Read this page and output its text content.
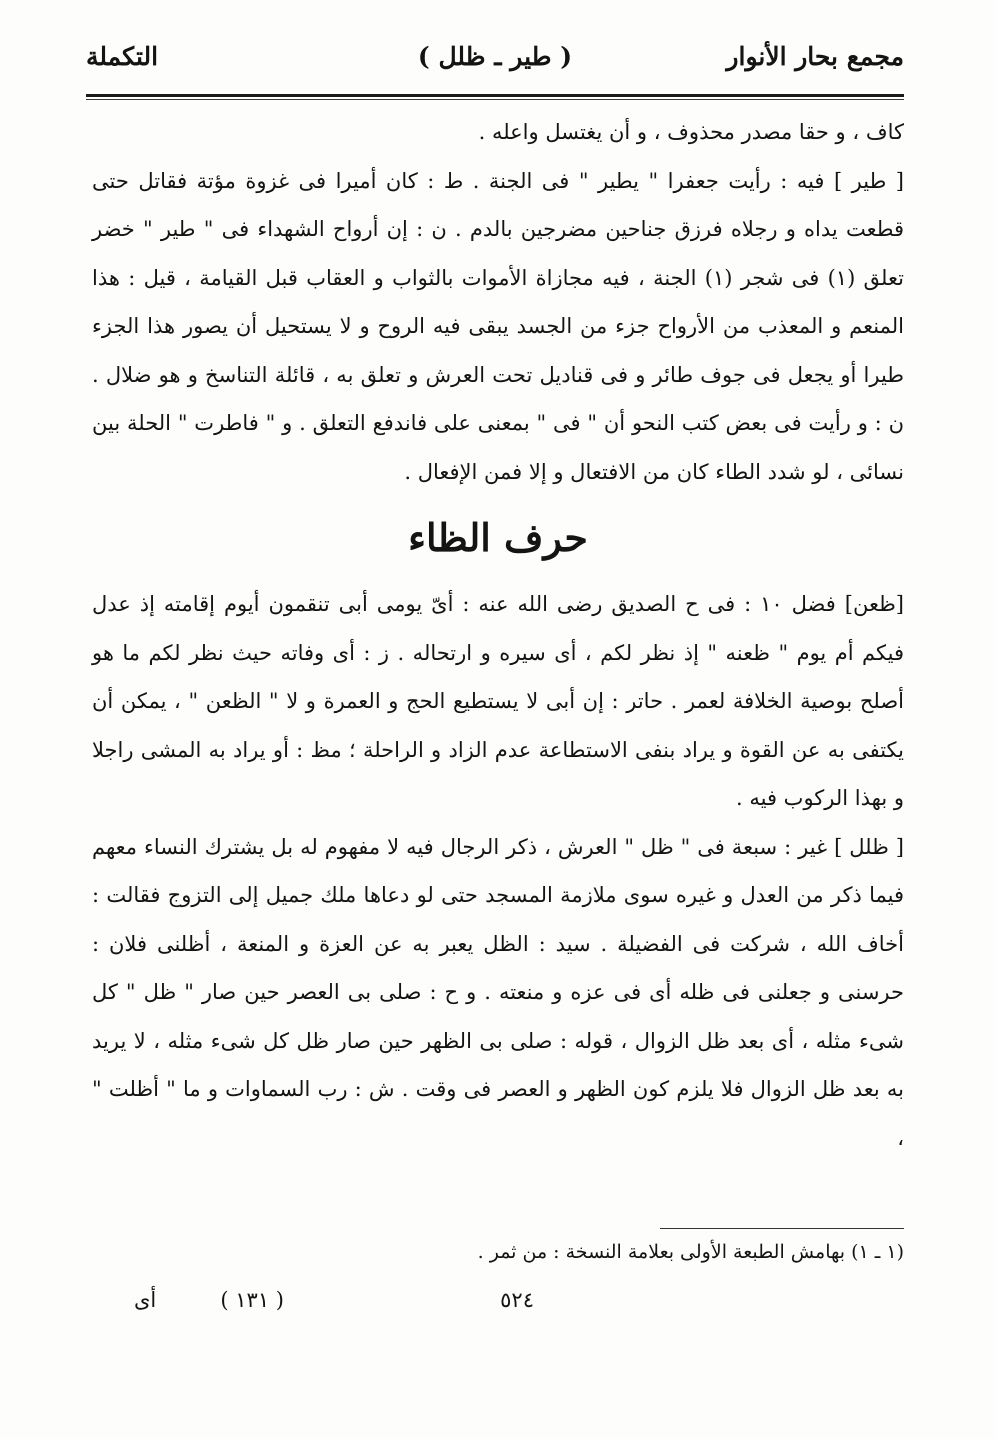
مجمع بحار الأنوار
( طير ـ ظلل )
التكملة

كاف ، و حقا مصدر محذوف ، و أن يغتسل واعله .

[ طير ] فيه : رأيت جعفرا " يطير " فى الجنة . ط : كان أميرا فى غزوة مؤتة فقاتل حتى قطعت يداه و رجلاه فرزق جناحين مضرجين بالدم . ن : إن أرواح الشهداء فى " طير " خضر تعلق (١) فى شجر (١) الجنة ، فيه مجازاة الأموات بالثواب و العقاب قبل القيامة ، قيل : هذا المنعم و المعذب من الأرواح جزء من الجسد يبقى فيه الروح و لا يستحيل أن يصور هذا الجزء طيرا أو يجعل فى جوف طائر و فى قناديل تحت العرش و تعلق به ، قائلة التناسخ و هو ضلال . ن : و رأيت فى بعض كتب النحو أن " فى " بمعنى على فاندفع التعلق . و " فاطرت " الحلة بين نسائى ، لو شدد الطاء كان من الافتعال و إلا فمن الإفعال .

حرف الظاء

[ظعن] فضل ١٠ : فى ح الصديق رضى الله عنه : أىّ يومى أبى تنقمون أيوم إقامته إذ عدل فيكم أم يوم " ظعنه " إذ نظر لكم ، أى سيره و ارتحاله . ز : أى وفاته حيث نظر لكم ما هو أصلح بوصية الخلافة لعمر . حاتر : إن أبى لا يستطيع الحج و العمرة و لا " الظعن " ، يمكن أن يكتفى به عن القوة و يراد بنفى الاستطاعة عدم الزاد و الراحلة ؛ مظ : أو يراد به المشى راجلا و بهذا الركوب فيه .

[ ظلل ] غير : سبعة فى " ظل " العرش ، ذكر الرجال فيه لا مفهوم له بل يشترك النساء معهم فيما ذكر من العدل و غيره سوى ملازمة المسجد حتى لو دعاها ملك جميل إلى التزوج فقالت : أخاف الله ، شركت فى الفضيلة . سيد : الظل يعبر به عن العزة و المنعة ، أظلنى فلان : حرسنى و جعلنى فى ظله أى فى عزه و منعته . و ح : صلى بى العصر حين صار " ظل " كل شىء مثله ، أى بعد ظل الزوال ، قوله : صلى بى الظهر حين صار ظل كل شىء مثله ، لا يريد به بعد ظل الزوال فلا يلزم كون الظهر و العصر فى وقت . ش : رب السماوات و ما " أظلت " ،

(١ ـ ١) بهامش الطبعة الأولى بعلامة النسخة : من ثمر .
٥٢٤
( ١٣١ )
أى
